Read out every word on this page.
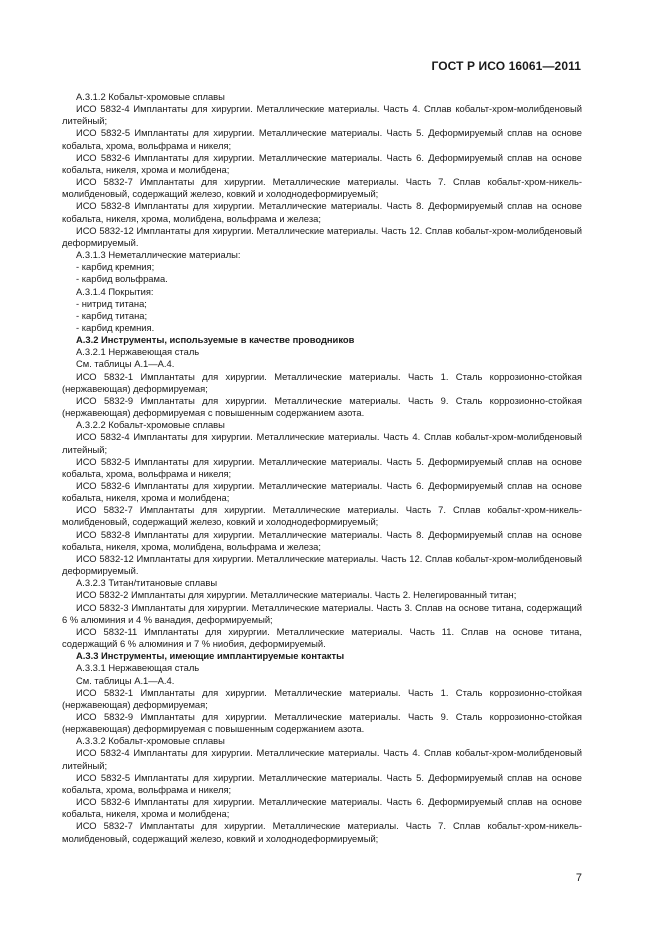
ГОСТ Р ИСО 16061—2011

А.3.1.2 Кобальт-хромовые сплавы

ИСО 5832-4 Имплантаты для хирургии. Металлические материалы. Часть 4. Сплав кобальт-хром-молибденовый литейный;

ИСО 5832-5 Имплантаты для хирургии. Металлические материалы. Часть 5. Деформируемый сплав на основе кобальта, хрома, вольфрама и никеля;

ИСО 5832-6 Имплантаты для хирургии. Металлические материалы. Часть 6. Деформируемый сплав на основе кобальта, никеля, хрома и молибдена;

ИСО 5832-7 Имплантаты для хирургии. Металлические материалы. Часть 7. Сплав кобальт-хром-никель-молибденовый, содержащий железо, ковкий и холоднодеформируемый;

ИСО 5832-8 Имплантаты для хирургии. Металлические материалы. Часть 8. Деформируемый сплав на основе кобальта, никеля, хрома, молибдена, вольфрама и железа;

ИСО 5832-12 Имплантаты для хирургии. Металлические материалы. Часть 12. Сплав кобальт-хром-молибденовый деформируемый.

А.3.1.3 Неметаллические материалы:

- карбид кремния;

- карбид вольфрама.

А.3.1.4 Покрытия:

- нитрид титана;

- карбид титана;

- карбид кремния.

А.3.2 Инструменты, используемые в качестве проводников

А.3.2.1 Нержавеющая сталь

См. таблицы А.1—А.4.

ИСО 5832-1 Имплантаты для хирургии. Металлические материалы. Часть 1. Сталь коррозионно-стойкая (нержавеющая) деформируемая;

ИСО 5832-9 Имплантаты для хирургии. Металлические материалы. Часть 9. Сталь коррозионно-стойкая (нержавеющая) деформируемая с повышенным содержанием азота.

А.3.2.2 Кобальт-хромовые сплавы

ИСО 5832-4 Имплантаты для хирургии. Металлические материалы. Часть 4. Сплав кобальт-хром-молибденовый литейный;

ИСО 5832-5 Имплантаты для хирургии. Металлические материалы. Часть 5. Деформируемый сплав на основе кобальта, хрома, вольфрама и никеля;

ИСО 5832-6 Имплантаты для хирургии. Металлические материалы. Часть 6. Деформируемый сплав на основе кобальта, никеля, хрома и молибдена;

ИСО 5832-7 Имплантаты для хирургии. Металлические материалы. Часть 7. Сплав кобальт-хром-никель-молибденовый, содержащий железо, ковкий и холоднодеформируемый;

ИСО 5832-8 Имплантаты для хирургии. Металлические материалы. Часть 8. Деформируемый сплав на основе кобальта, никеля, хрома, молибдена, вольфрама и железа;

ИСО 5832-12 Имплантаты для хирургии. Металлические материалы. Часть 12. Сплав кобальт-хром-молибденовый деформируемый.

А.3.2.3 Титан/титановые сплавы

ИСО 5832-2 Имплантаты для хирургии. Металлические материалы. Часть 2. Нелегированный титан;

ИСО 5832-3 Имплантаты для хирургии. Металлические материалы. Часть 3. Сплав на основе титана, содержащий 6 % алюминия и 4 % ванадия, деформируемый;

ИСО 5832-11 Имплантаты для хирургии. Металлические материалы. Часть 11. Сплав на основе титана, содержащий 6 % алюминия и 7 % ниобия, деформируемый.

А.3.3 Инструменты, имеющие имплантируемые контакты

А.3.3.1 Нержавеющая сталь

См. таблицы А.1—А.4.

ИСО 5832-1 Имплантаты для хирургии. Металлические материалы. Часть 1. Сталь коррозионно-стойкая (нержавеющая) деформируемая;

ИСО 5832-9 Имплантаты для хирургии. Металлические материалы. Часть 9. Сталь коррозионно-стойкая (нержавеющая) деформируемая с повышенным содержанием азота.

А.3.3.2 Кобальт-хромовые сплавы

ИСО 5832-4 Имплантаты для хирургии. Металлические материалы. Часть 4. Сплав кобальт-хром-молибденовый литейный;

ИСО 5832-5 Имплантаты для хирургии. Металлические материалы. Часть 5. Деформируемый сплав на основе кобальта, хрома, вольфрама и никеля;

ИСО 5832-6 Имплантаты для хирургии. Металлические материалы. Часть 6. Деформируемый сплав на основе кобальта, никеля, хрома и молибдена;

ИСО 5832-7 Имплантаты для хирургии. Металлические материалы. Часть 7. Сплав кобальт-хром-никель-молибденовый, содержащий железо, ковкий и холоднодеформируемый;

7
